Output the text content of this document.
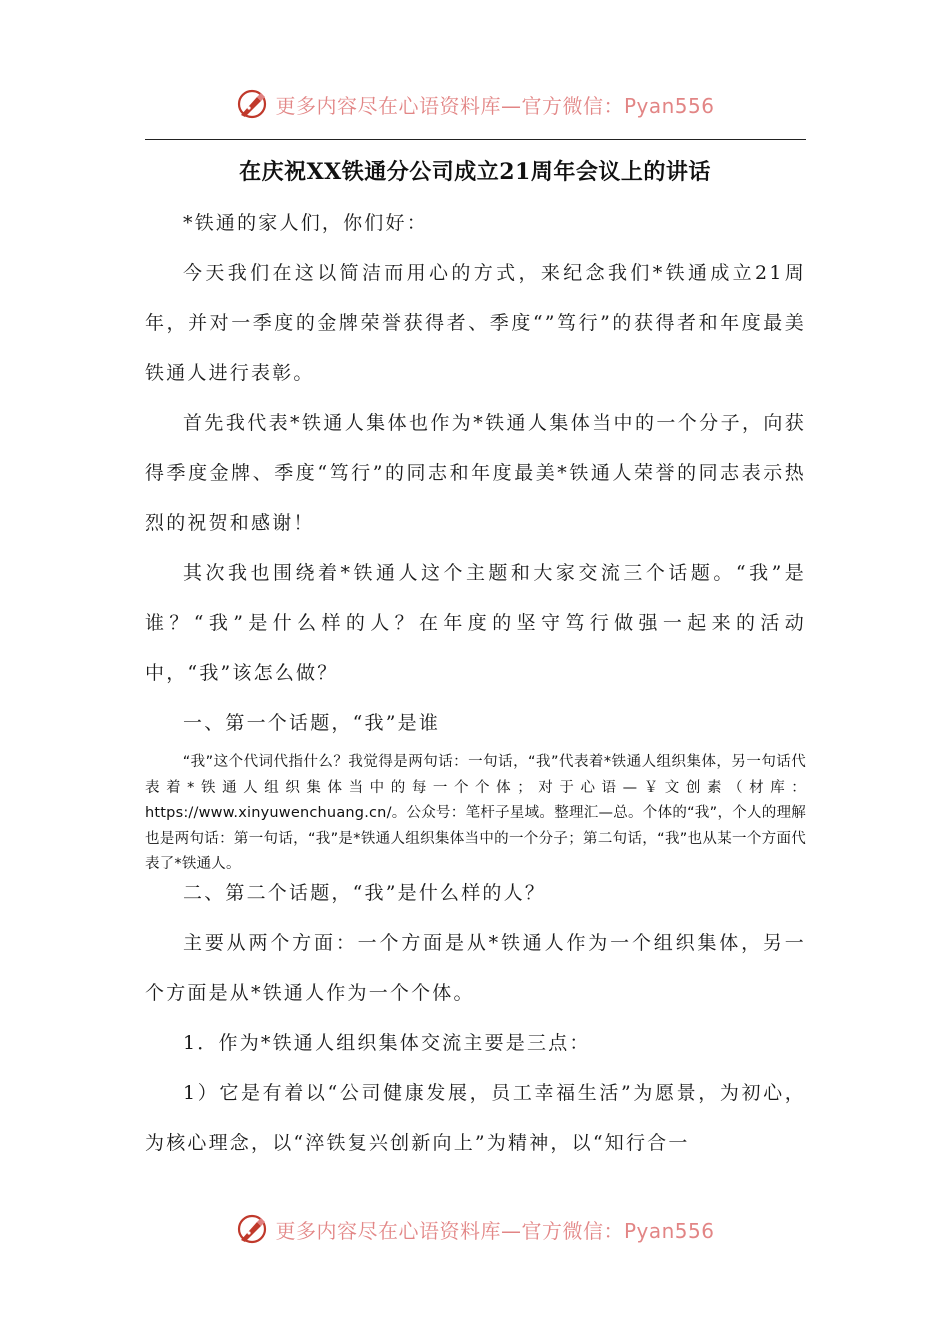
更多内容尽在心语资料库—官方微信：Pyan556
在庆祝XX铁通分公司成立21周年会议上的讲话

*铁通的家人们，你们好：

今天我们在这以简洁而用心的方式，来纪念我们*铁通成立21周年，并对一季度的金牌荣誉获得者、季度“”笃行”的获得者和年度最美铁通人进行表彰。

首先我代表*铁通人集体也作为*铁通人集体当中的一个分子，向获得季度金牌、季度“笃行”的同志和年度最美*铁通人荣誉的同志表示热烈的祝贺和感谢！

其次我也围绕着*铁通人这个主题和大家交流三个话题。“我”是谁？“我”是什么样的人？在年度的坚守笃行做强一起来的活动中，“我”该怎么做？

一、第一个话题，“我”是谁

“我”这个代词代指什么？我觉得是两句话：一句话，“我”代表着*铁通人组织集体，另一句话代表着*铁通人组织集体当中的每一个个体；对于心语—￥文创素（材库：https://www.xinyuwenchuang.cn/。公众号：笔杆子星域。整理汇—总。个体的“我”，个人的理解也是两句话：第一句话，“我”是*铁通人组织集体当中的一个分子；第二句话，“我”也从某一个方面代表了*铁通人。

二、第二个话题，“我”是什么样的人？

主要从两个方面：一个方面是从*铁通人作为一个组织集体，另一个方面是从*铁通人作为一个个体。

1．作为*铁通人组织集体交流主要是三点：

1）它是有着以“公司健康发展，员工幸福生活”为愿景，为初心，为核心理念，以“淬铁复兴创新向上”为精神，以“知行合一

更多内容尽在心语资料库—官方微信：Pyan556
